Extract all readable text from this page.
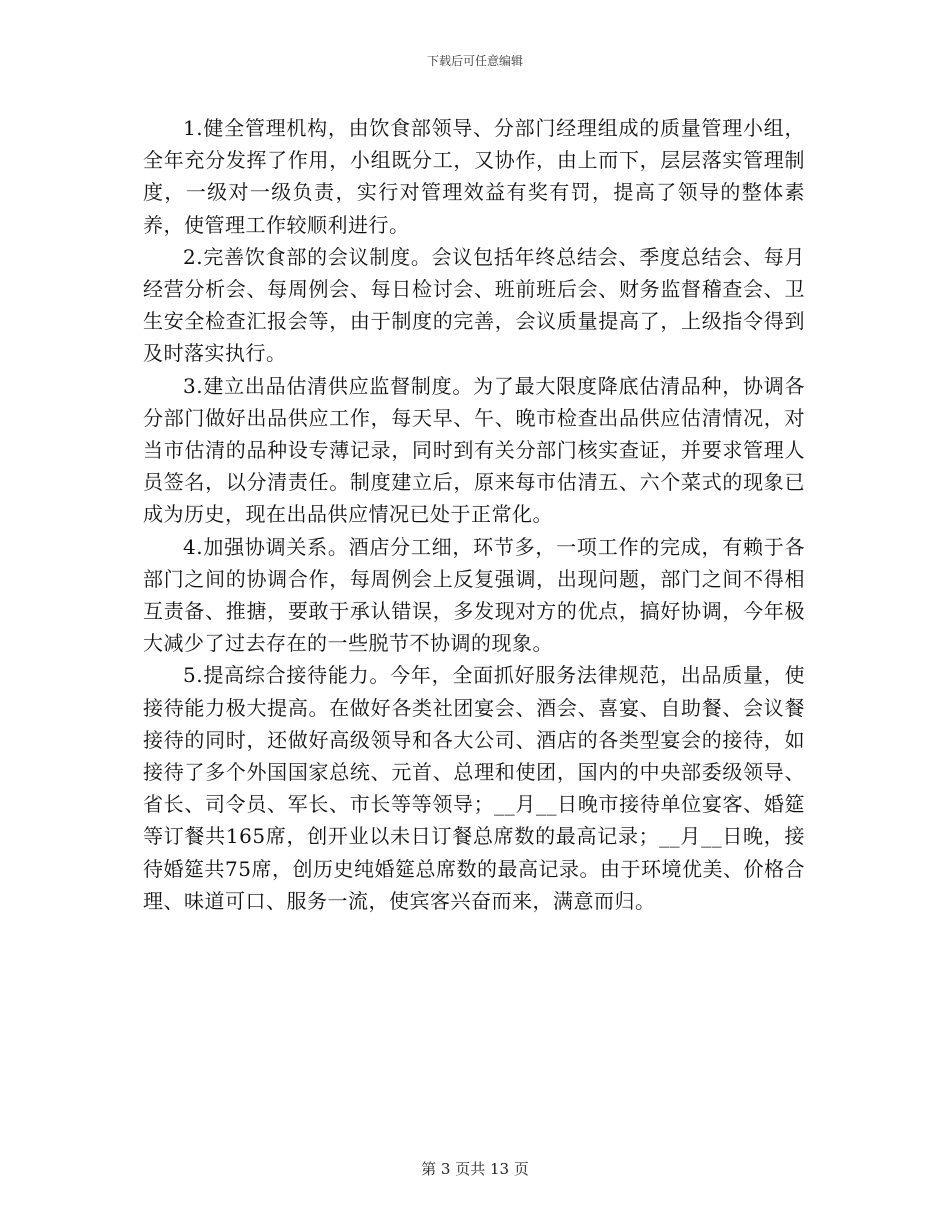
下载后可任意编辑

1.健全管理机构，由饮食部领导、分部门经理组成的质量管理小组，全年充分发挥了作用，小组既分工，又协作，由上而下，层层落实管理制度，一级对一级负责，实行对管理效益有奖有罚，提高了领导的整体素养，使管理工作较顺利进行。

2.完善饮食部的会议制度。会议包括年终总结会、季度总结会、每月经营分析会、每周例会、每日检讨会、班前班后会、财务监督稽查会、卫生安全检查汇报会等，由于制度的完善，会议质量提高了，上级指令得到及时落实执行。

3.建立出品估清供应监督制度。为了最大限度降底估清品种，协调各分部门做好出品供应工作，每天早、午、晚市检查出品供应估清情况，对当市估清的品种设专薄记录，同时到有关分部门核实查证，并要求管理人员签名，以分清责任。制度建立后，原来每市估清五、六个菜式的现象已成为历史，现在出品供应情况已处于正常化。

4.加强协调关系。酒店分工细，环节多，一项工作的完成，有赖于各部门之间的协调合作，每周例会上反复强调，出现问题，部门之间不得相互责备、推搪，要敢于承认错误，多发现对方的优点，搞好协调，今年极大减少了过去存在的一些脱节不协调的现象。

5.提高综合接待能力。今年，全面抓好服务法律规范，出品质量，使接待能力极大提高。在做好各类社团宴会、酒会、喜宴、自助餐、会议餐接待的同时，还做好高级领导和各大公司、酒店的各类型宴会的接待，如接待了多个外国国家总统、元首、总理和使团，国内的中央部委级领导、省长、司令员、军长、市长等等领导；__月__日晚市接待单位宴客、婚筵等订餐共165席，创开业以未日订餐总席数的最高记录；__月__日晚，接待婚筵共75席，创历史纯婚筵总席数的最高记录。由于环境优美、价格合理、味道可口、服务一流，使宾客兴奋而来，满意而归。

第 3 页共 13 页
